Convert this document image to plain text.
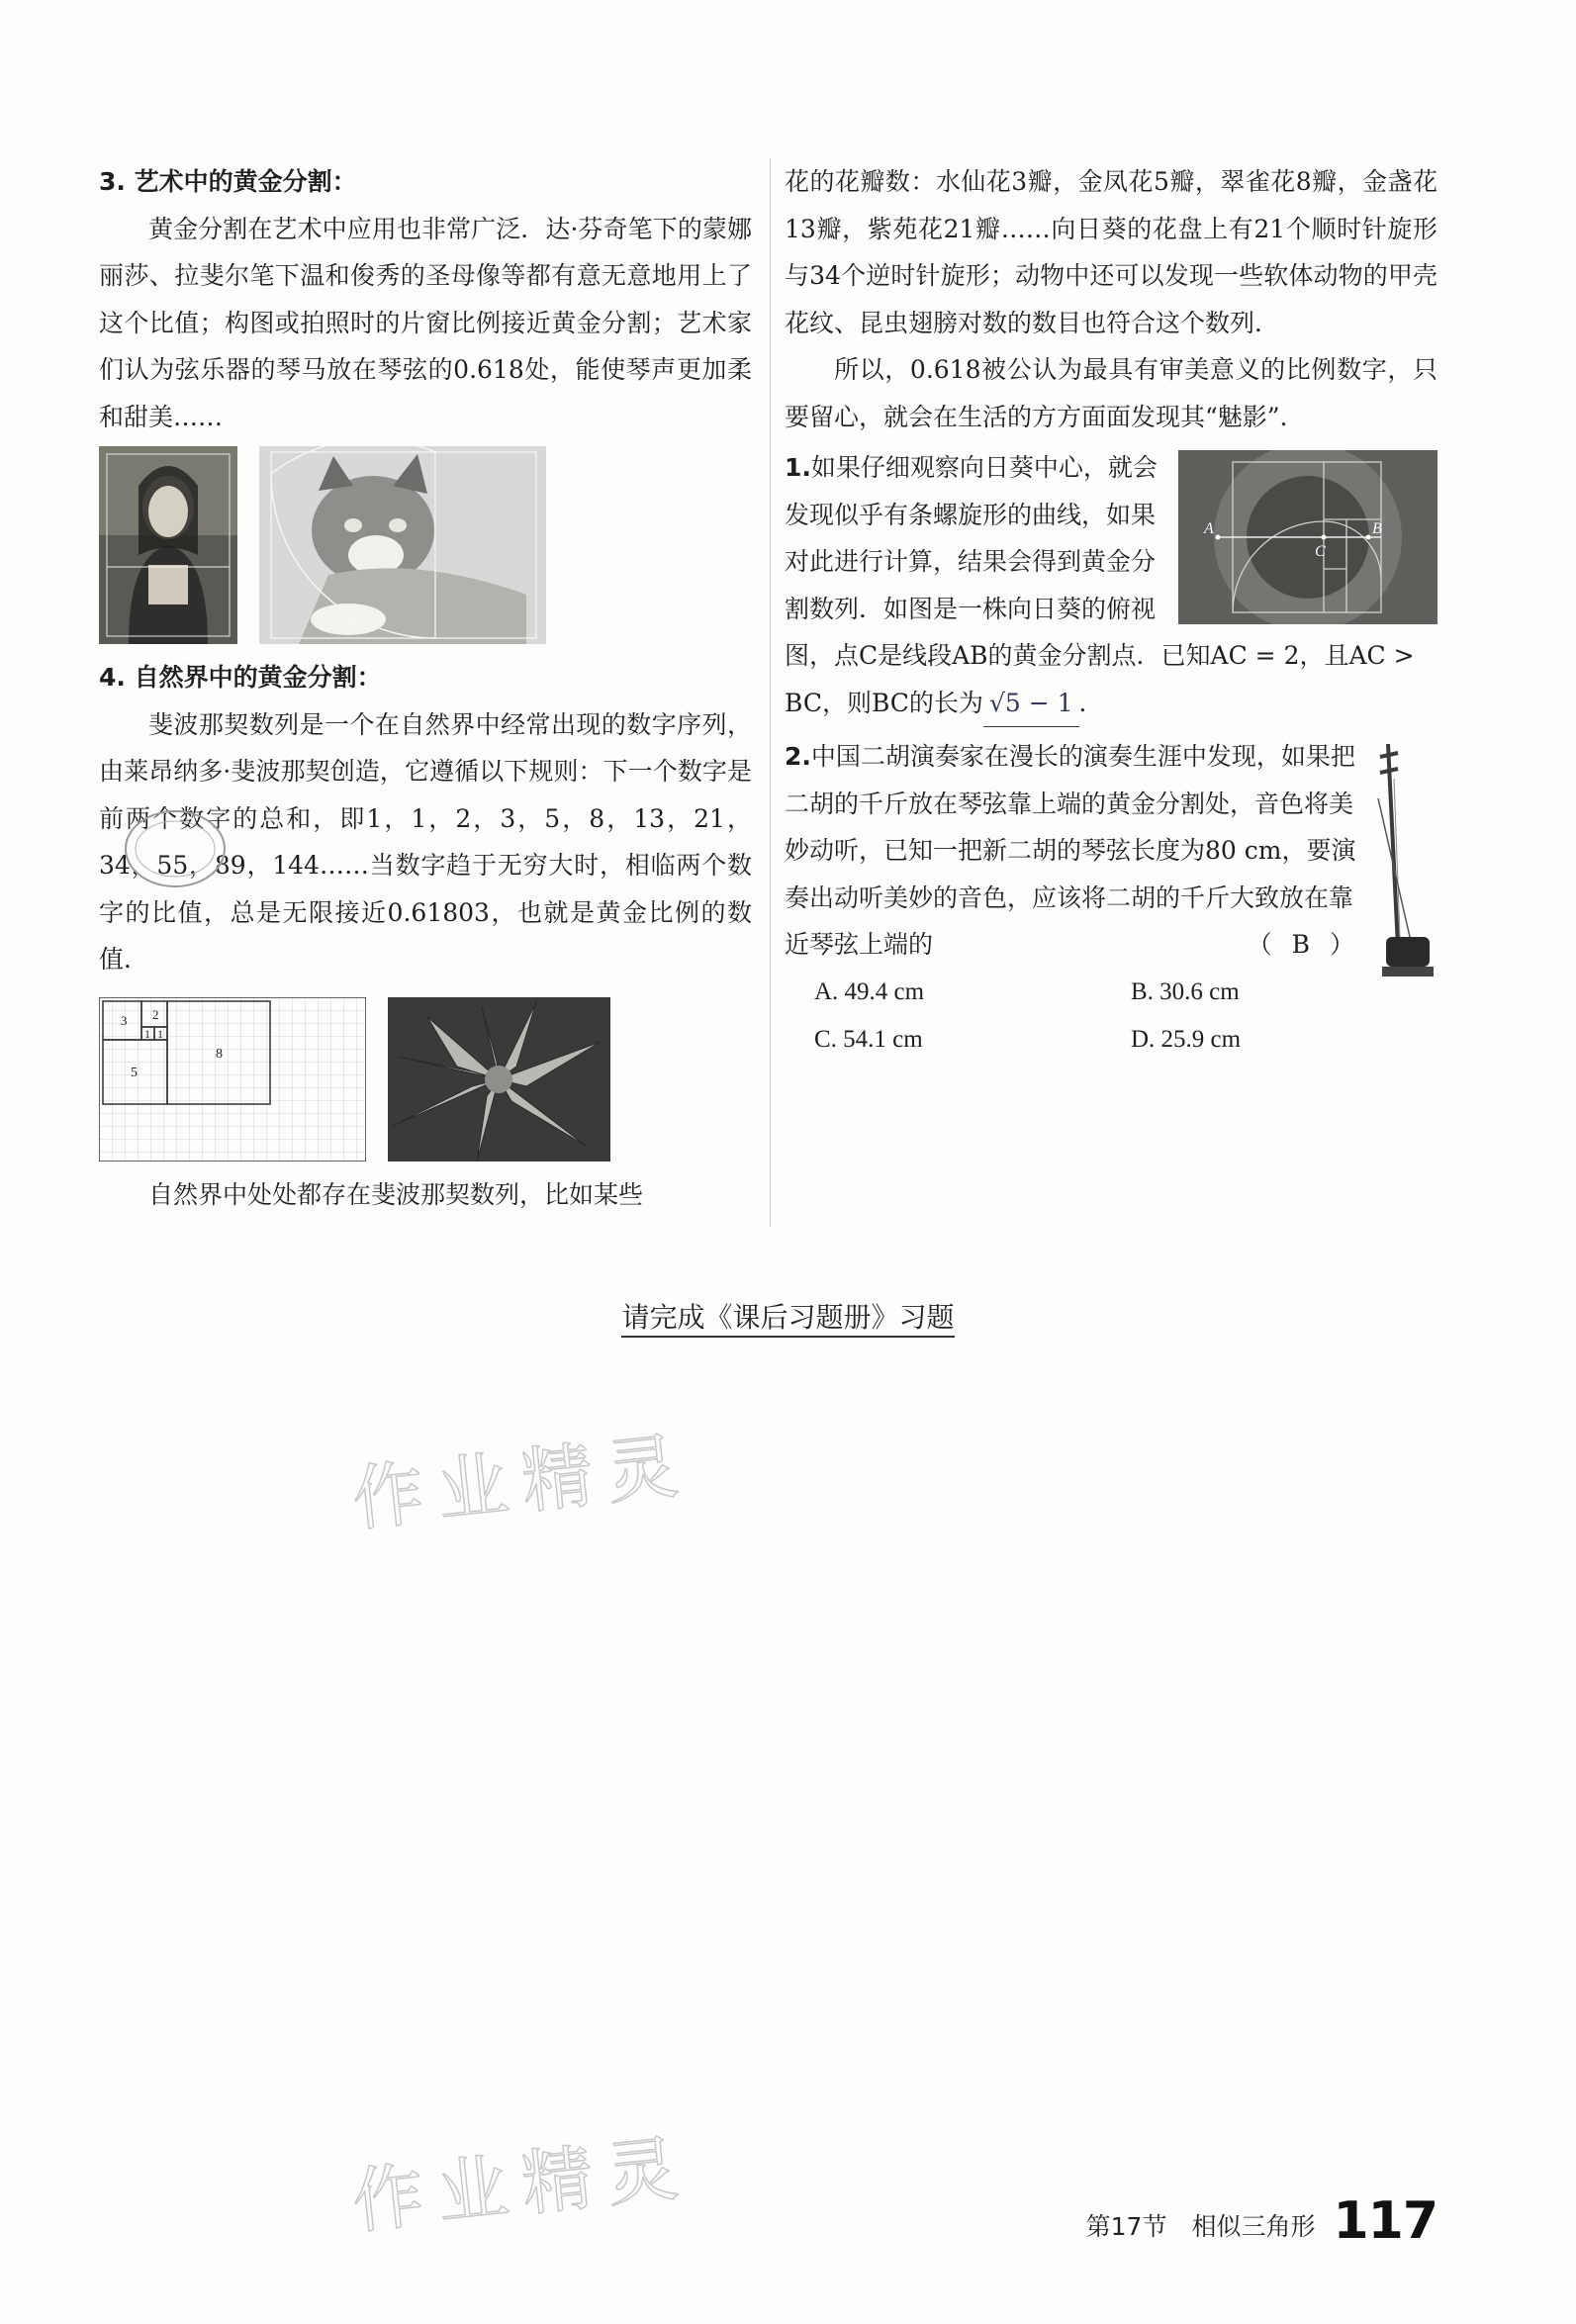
3. 艺术中的黄金分割：

黄金分割在艺术中应用也非常广泛．达·芬奇笔下的蒙娜丽莎、拉斐尔笔下温和俊秀的圣母像等都有意无意地用上了这个比值；构图或拍照时的片窗比例接近黄金分割；艺术家们认为弦乐器的琴马放在琴弦的0.618处，能使琴声更加柔和甜美……

4. 自然界中的黄金分割：

斐波那契数列是一个在自然界中经常出现的数字序列，由莱昂纳多·斐波那契创造，它遵循以下规则：下一个数字是前两个数字的总和，即1，1，2，3，5，8，13，21，34，55，89，144……当数字趋于无穷大时，相临两个数字的比值，总是无限接近0.61803，也就是黄金比例的数值．

3 2
1 1
8
5

自然界中处处都存在斐波那契数列，比如某些

花的花瓣数：水仙花3瓣，金凤花5瓣，翠雀花8瓣，金盏花13瓣，紫苑花21瓣……向日葵的花盘上有21个顺时针旋形与34个逆时针旋形；动物中还可以发现一些软体动物的甲壳花纹、昆虫翅膀对数的数目也符合这个数列．

所以，0.618被公认为最具有审美意义的比例数字，只要留心，就会在生活的方方面面发现其“魅影”．

A
C
B
1.如果仔细观察向日葵中心，就会发现似乎有条螺旋形的曲线，如果对此进行计算，结果会得到黄金分割数列．如图是一株向日葵的俯视图，点C是线段AB的黄金分割点．已知AC = 2，且AC > BC，则BC的长为 √5 − 1 ．
2.中国二胡演奏家在漫长的演奏生涯中发现，如果把二胡的千斤放在琴弦靠上端的黄金分割处，音色将美妙动听，已知一把新二胡的琴弦长度为80 cm，要演奏出动听美妙的音色，应该将二胡的千斤大致放在靠近琴弦上端的	（ B ）
A. 49.4 cm	B. 30.6 cm
C. 54.1 cm	D. 25.9 cm
请完成《课后习题册》习题
作业精灵
作业精灵	第17节　相似三角形 117
